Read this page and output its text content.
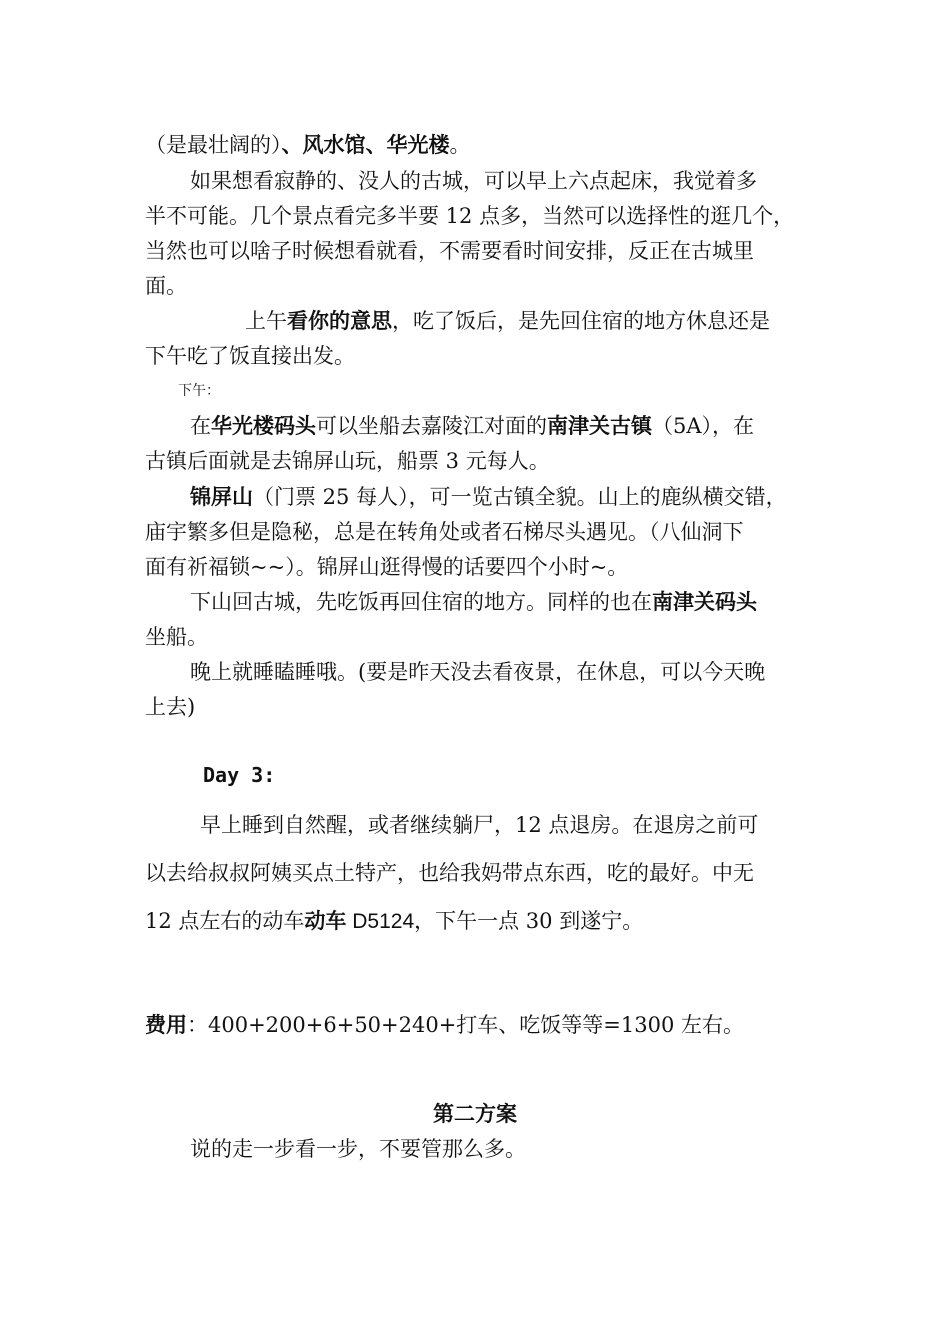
（是最壮阔的）、风水馆、华光楼。
如果想看寂静的、没人的古城，可以早上六点起床，我觉着多
半不可能。几个景点看完多半要 12 点多，当然可以选择性的逛几个，
当然也可以啥子时候想看就看，不需要看时间安排，反正在古城里
面。
上午看你的意思，吃了饭后，是先回住宿的地方休息还是
下午吃了饭直接出发。
下午：
在华光楼码头可以坐船去嘉陵江对面的南津关古镇（5A），在
古镇后面就是去锦屏山玩，船票 3 元每人。
锦屏山（门票 25 每人），可一览古镇全貌。山上的鹿纵横交错，
庙宇繁多但是隐秘，总是在转角处或者石梯尽头遇见。（八仙洞下
面有祈福锁~~）。锦屏山逛得慢的话要四个小时~。
下山回古城，先吃饭再回住宿的地方。同样的也在南津关码头
坐船。
晚上就睡瞌睡哦。(要是昨天没去看夜景，在休息，可以今天晚
上去)
Day 3:
早上睡到自然醒，或者继续躺尸，12 点退房。在退房之前可
以去给叔叔阿姨买点土特产，也给我妈带点东西，吃的最好。中无
12 点左右的动车动车 D5124，下午一点 30 到遂宁。
费用：400+200+6+50+240+打车、吃饭等等=1300 左右。
第二方案
说的走一步看一步，不要管那么多。
